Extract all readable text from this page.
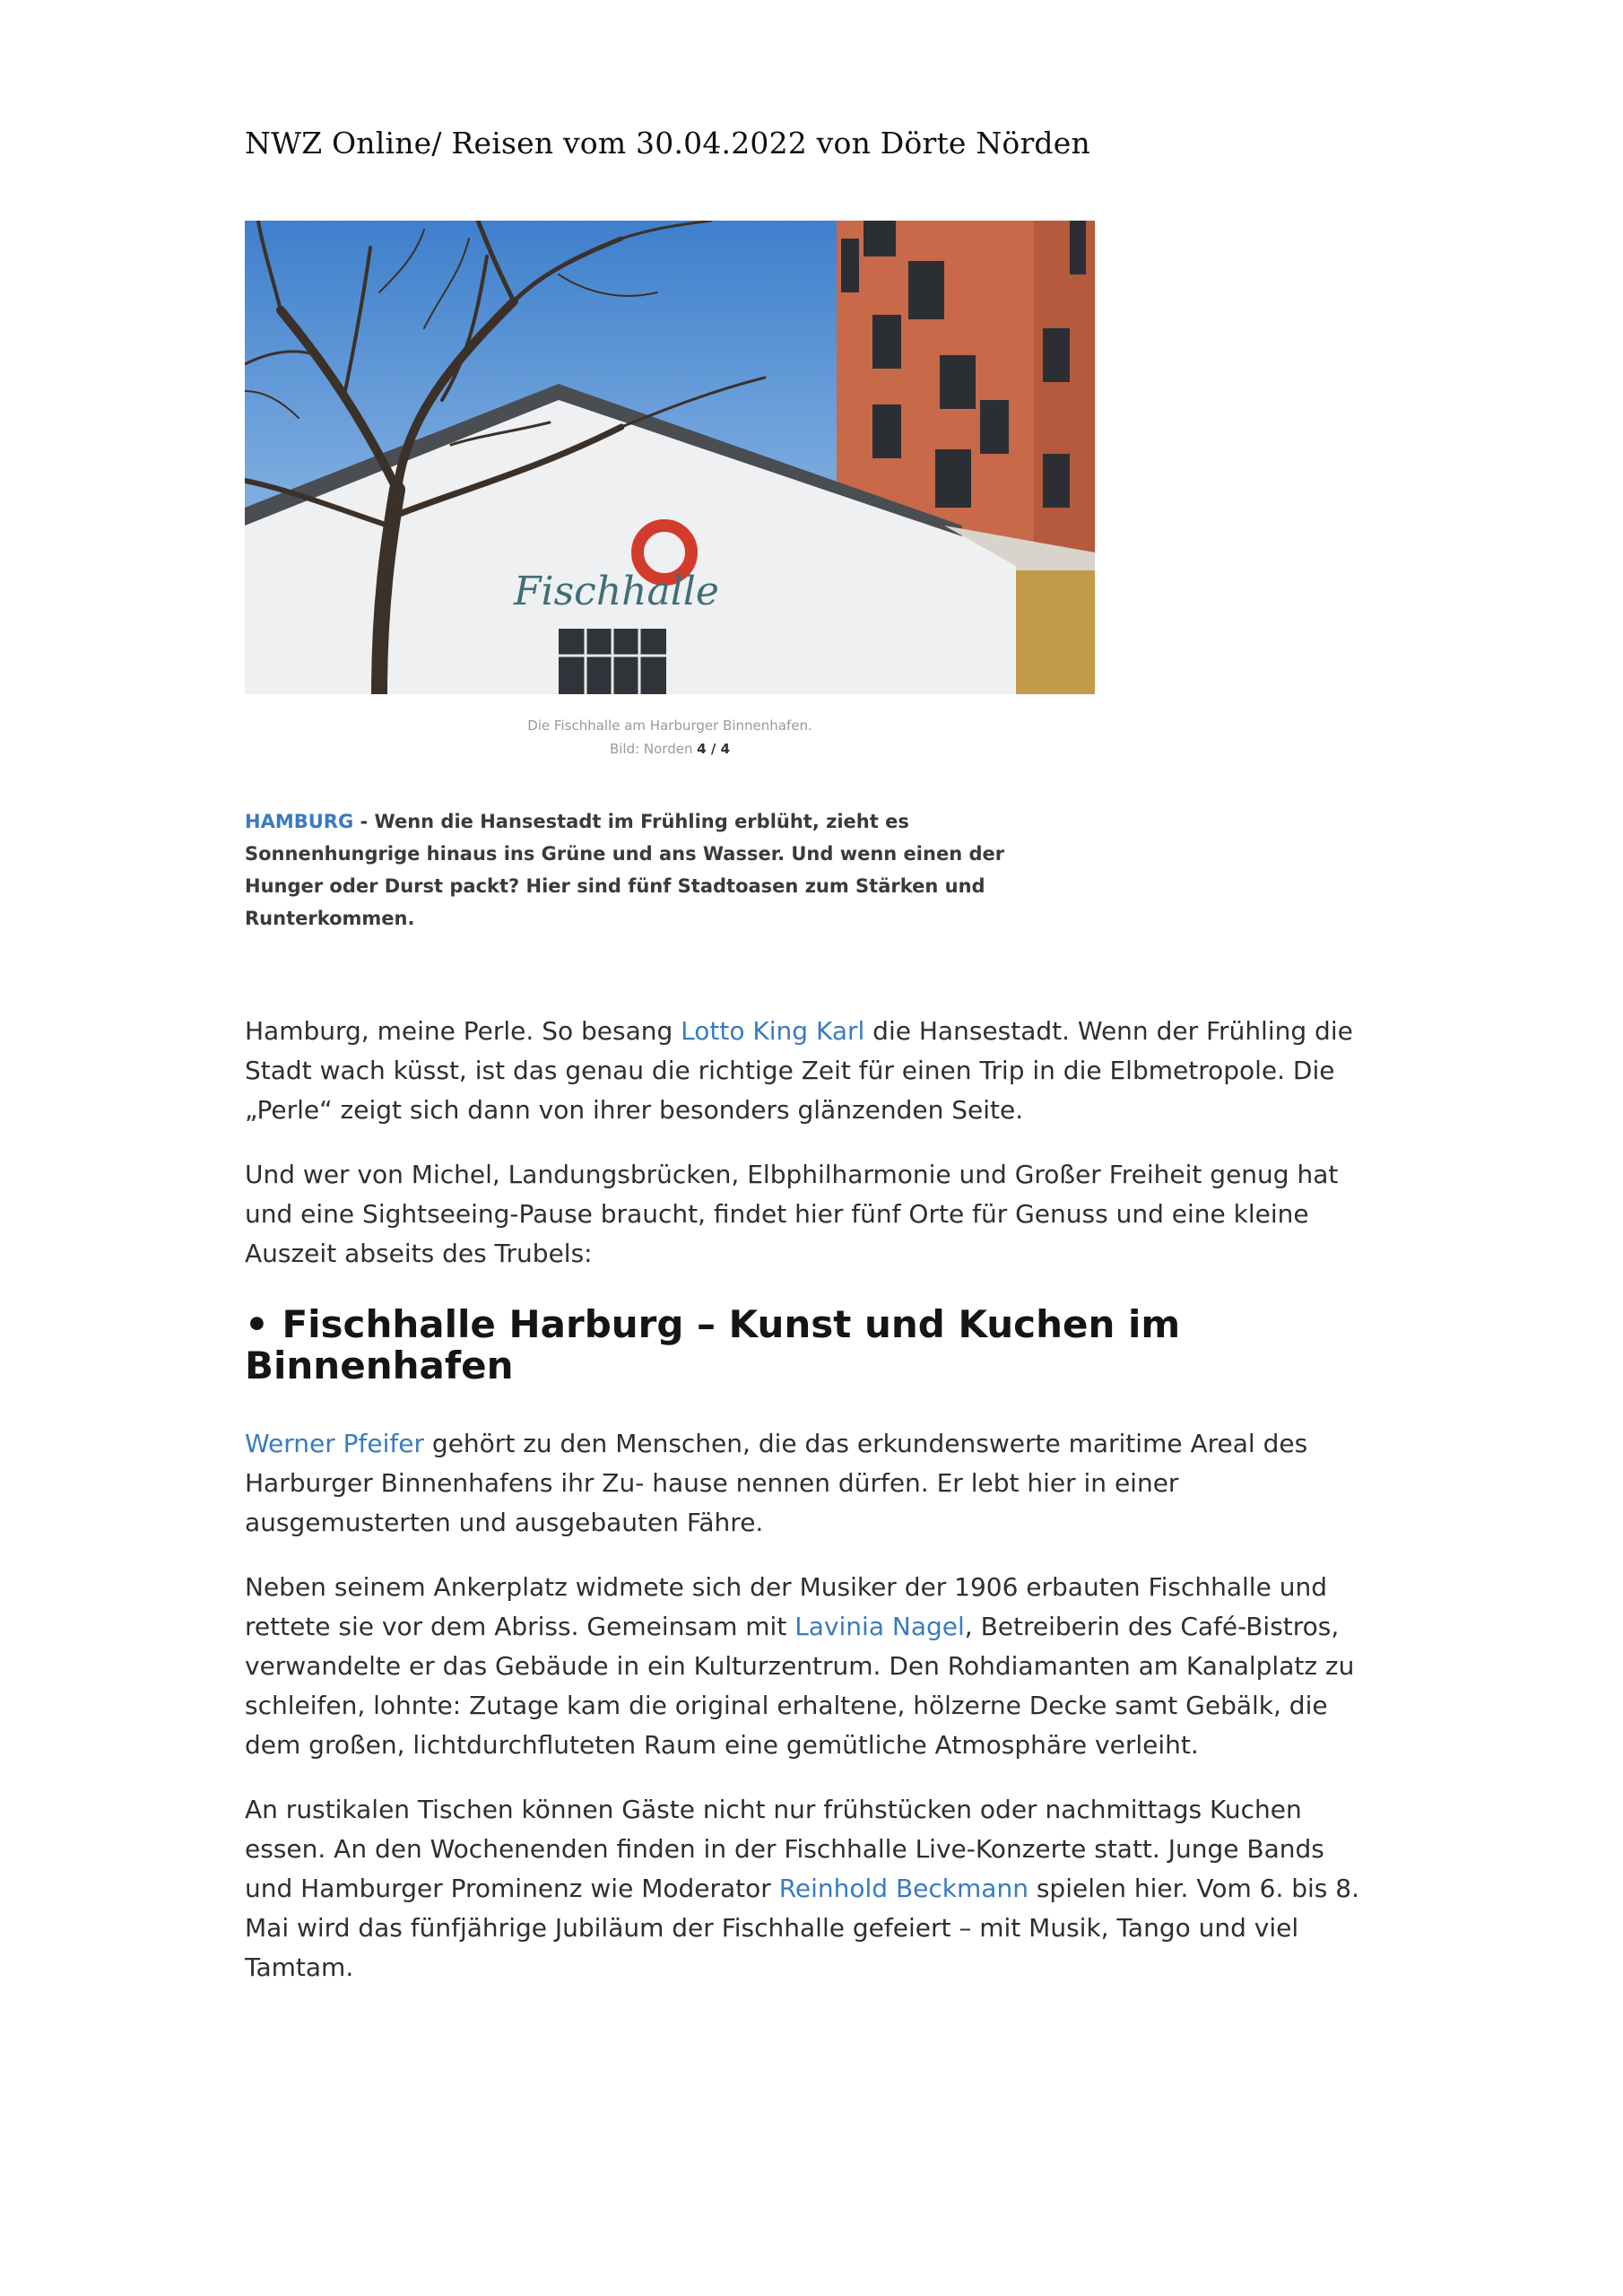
NWZ Online/ Reisen vom 30.04.2022 von Dörte Nörden
Fischhalle
Die Fischhalle am Harburger Binnenhafen.
Bild: Norden 4 / 4
HAMBURG - Wenn die Hansestadt im Frühling erblüht, zieht es Sonnenhungrige hinaus ins Grüne und ans Wasser. Und wenn einen der Hunger oder Durst packt? Hier sind fünf Stadtoasen zum Stärken und Runterkommen.

Hamburg, meine Perle. So besang Lotto King Karl die Hansestadt. Wenn der Frühling die Stadt wach küsst, ist das genau die richtige Zeit für einen Trip in die Elbmetropole. Die „Perle“ zeigt sich dann von ihrer besonders glänzenden Seite.

Und wer von Michel, Landungsbrücken, Elbphilharmonie und Großer Freiheit genug hat und eine Sightseeing-Pause braucht, findet hier fünf Orte für Genuss und eine kleine Auszeit abseits des Trubels:

• Fischhalle Harburg – Kunst und Kuchen im Binnenhafen

Werner Pfeifer gehört zu den Menschen, die das erkundenswerte maritime Areal des Harburger Binnenhafens ihr Zu- hause nennen dürfen. Er lebt hier in einer ausgemusterten und ausgebauten Fähre.

Neben seinem Ankerplatz widmete sich der Musiker der 1906 erbauten Fischhalle und rettete sie vor dem Abriss. Gemeinsam mit Lavinia Nagel, Betreiberin des Café-Bistros, verwandelte er das Gebäude in ein Kulturzentrum. Den Rohdiamanten am Kanalplatz zu schleifen, lohnte: Zutage kam die original erhaltene, hölzerne Decke samt Gebälk, die dem großen, lichtdurchfluteten Raum eine gemütliche Atmosphäre verleiht.

An rustikalen Tischen können Gäste nicht nur frühstücken oder nachmittags Kuchen essen. An den Wochenenden finden in der Fischhalle Live-Konzerte statt. Junge Bands und Hamburger Prominenz wie Moderator Reinhold Beckmann spielen hier. Vom 6. bis 8. Mai wird das fünfjährige Jubiläum der Fischhalle gefeiert – mit Musik, Tango und viel Tamtam.
